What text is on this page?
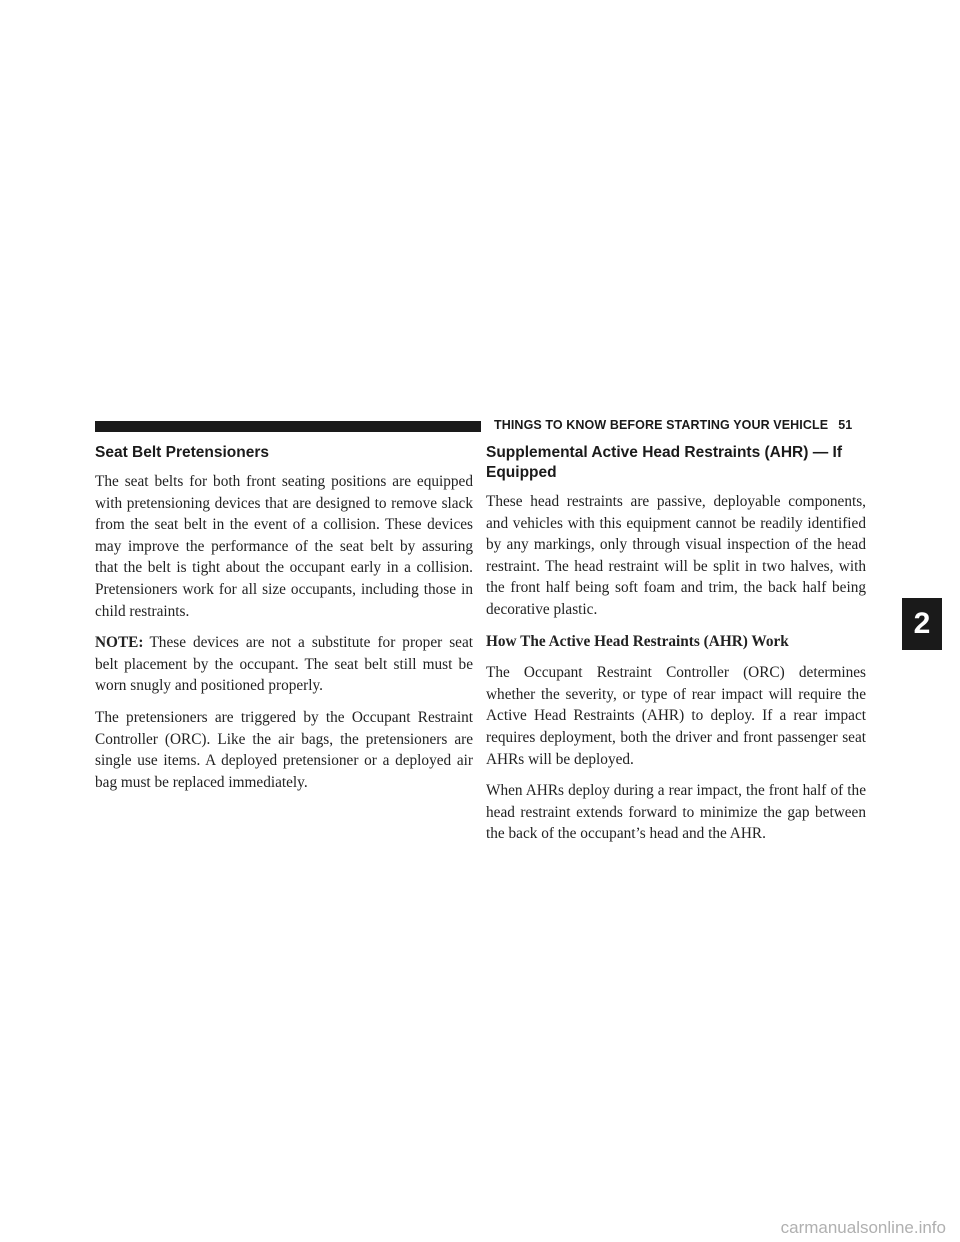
THINGS TO KNOW BEFORE STARTING YOUR VEHICLE 51
2
Seat Belt Pretensioners

The seat belts for both front seating positions are equipped with pretensioning devices that are designed to remove slack from the seat belt in the event of a collision. These devices may improve the performance of the seat belt by assuring that the belt is tight about the occupant early in a collision. Pretensioners work for all size occupants, including those in child restraints.

NOTE: These devices are not a substitute for proper seat belt placement by the occupant. The seat belt still must be worn snugly and positioned properly.

The pretensioners are triggered by the Occupant Restraint Controller (ORC). Like the air bags, the pretensioners are single use items. A deployed pretensioner or a deployed air bag must be replaced immediately.

Supplemental Active Head Restraints (AHR) — If Equipped

These head restraints are passive, deployable components, and vehicles with this equipment cannot be readily identified by any markings, only through visual inspection of the head restraint. The head restraint will be split in two halves, with the front half being soft foam and trim, the back half being decorative plastic.

How The Active Head Restraints (AHR) Work

The Occupant Restraint Controller (ORC) determines whether the severity, or type of rear impact will require the Active Head Restraints (AHR) to deploy. If a rear impact requires deployment, both the driver and front passenger seat AHRs will be deployed.

When AHRs deploy during a rear impact, the front half of the head restraint extends forward to minimize the gap between the back of the occupant’s head and the AHR.

carmanualsonline.info
